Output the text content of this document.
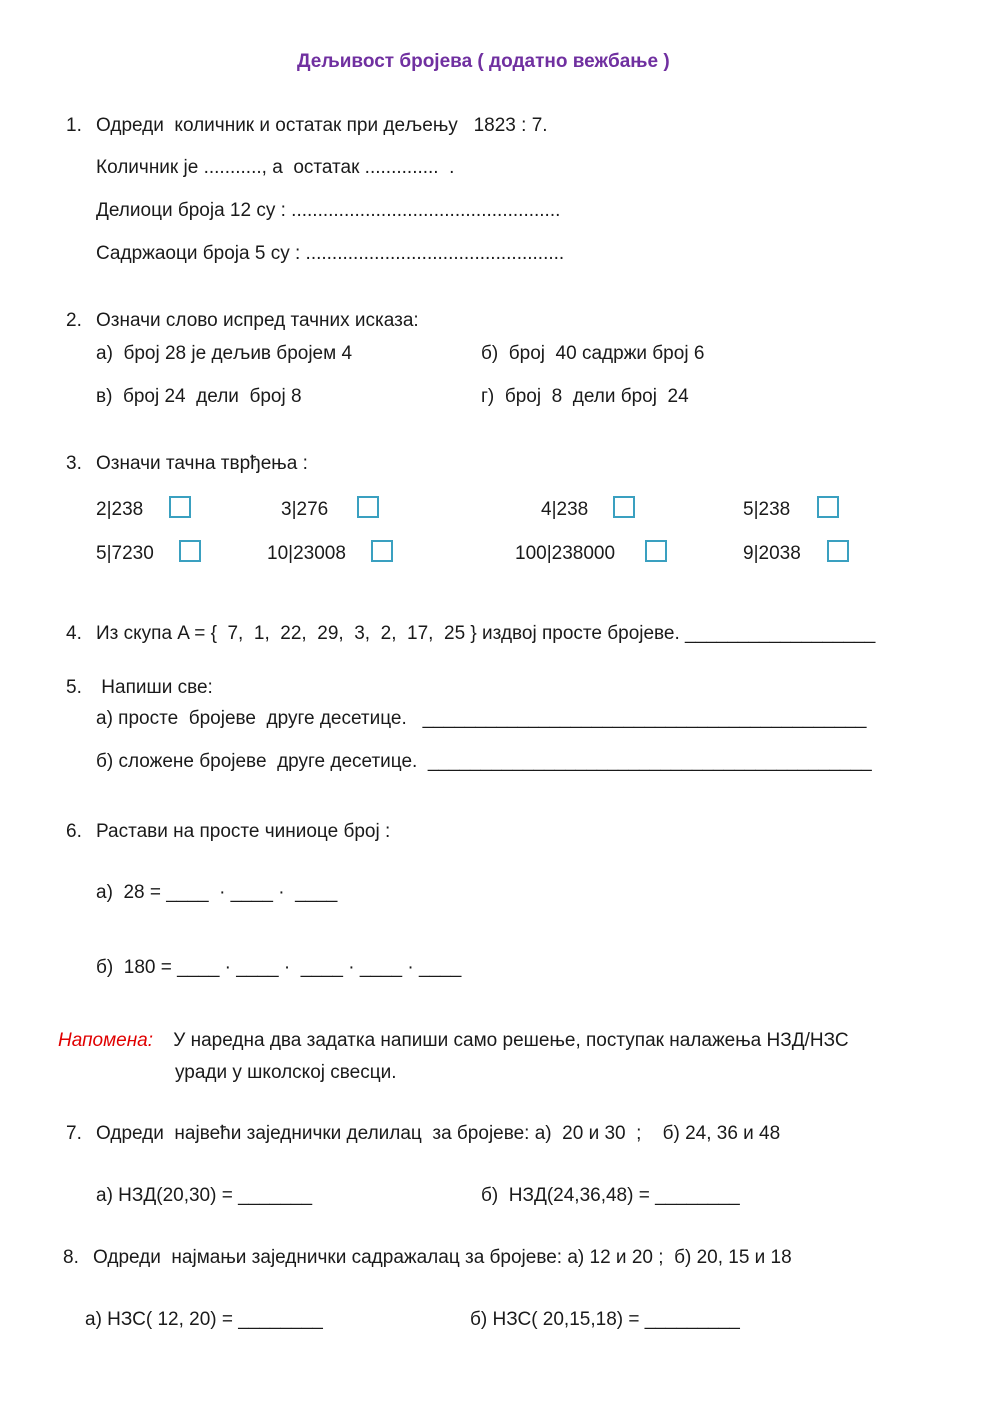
Дељивост бројева ( додатно вежбање )
1. Одреди  количник и остатак при дељењу   1823 : 7.
Количник је ..........., а  остатак ..............  .
Делиоци броја 12 су : ...................................................
Садржаоци броја 5 су : .................................................
2. Означи слово испред тачних исказа:
а)  број 28 је дељив бројем 4	б)  број  40 садржи број 6
в)  број 24  дели  број 8	г)  број  8  дели број  24
3. Означи тачна тврђења :
2|238	3|276	4|238	5|238
5|7230	10|23008	100|238000	9|2038
4. Из скупа A = {  7,  1,  22,  29,  3,  2,  17,  25 } издвој просте бројеве. __________________
5. Напиши све:
а) просте  бројеве  друге десетице.   __________________________________________
б) сложене бројеве  друге десетице.  __________________________________________
6. Растави на просте чиниоце број :
а)  28 = ____  · ____ ·  ____
б)  180 = ____ · ____ ·  ____ · ____ · ____
Напомена: У наредна два задатка напиши само решење, поступак налажења НЗД/НЗС
уради у школској свесци.
7. Одреди  највећи заједнички делилац  за бројеве: а)  20 и 30  ;    б) 24, 36 и 48
а) НЗД(20,30) = _______	б)  НЗД(24,36,48) = ________
8. Одреди  најмањи заједнички садражалац за бројеве: а) 12 и 20 ;  б) 20, 15 и 18
а) НЗС( 12, 20) = ________	б) НЗС( 20,15,18) = _________
